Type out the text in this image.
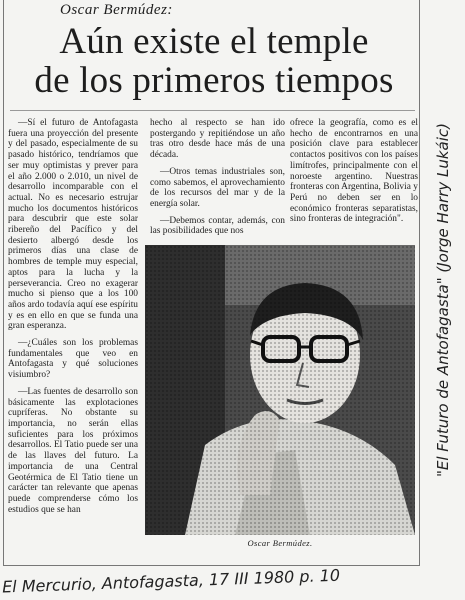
Oscar Bermúdez:
Aún existe el temple
de los primeros tiempos

—Sí el futuro de Antofagasta fuera una proyección del presente y del pasado, especialmente de su pasado histórico, tendríamos que ser muy optimistas y prever para el año 2.000 o 2.010, un nivel de desarrollo incomparable con el actual. No es necesario estrujar mucho los documentos históricos para descubrir que este solar ribereño del Pacífico y del desierto albergó desde los primeros días una clase de hombres de temple muy especial, aptos para la lucha y la perseverancia. Creo no exagerar mucho si pienso que a los 100 años ardo todavía aquí ese espíritu y es en ello en que se funda una gran esperanza.

—¿Cuáles son los problemas fundamentales que veo en Antofagasta y qué soluciones visiumbro?

—Las fuentes de desarrollo son básicamente las explotaciones cupríferas. No obstante su importancia, no serán ellas suficientes para los próximos desarrollos. El Tatio puede ser una de las llaves del futuro. La importancia de una Central Geotérmica de El Tatio tiene un carácter tan relevante que apenas puede comprenderse cómo los estudios que se han

hecho al respecto se han ido postergando y repitiéndose un año tras otro desde hace más de una década.

—Otros temas industriales son, como sabemos, el aprovechamiento de los recursos del mar y de la energía solar.

—Debemos contar, además, con las posibilidades que nos

ofrece la geografía, como es el hecho de encontrarnos en una posición clave para establecer contactos positivos con los países limítrofes, principalmente con el noroeste argentino. Nuestras fronteras con Argentina, Bolivia y Perú no deben ser en lo económico fronteras separatistas, sino fronteras de integración".

Oscar Bermúdez.
"El Futuro de Antofagasta" (Jorge Harry Lukáic)
El Mercurio, Antofagasta, 17 III 1980 p. 10
